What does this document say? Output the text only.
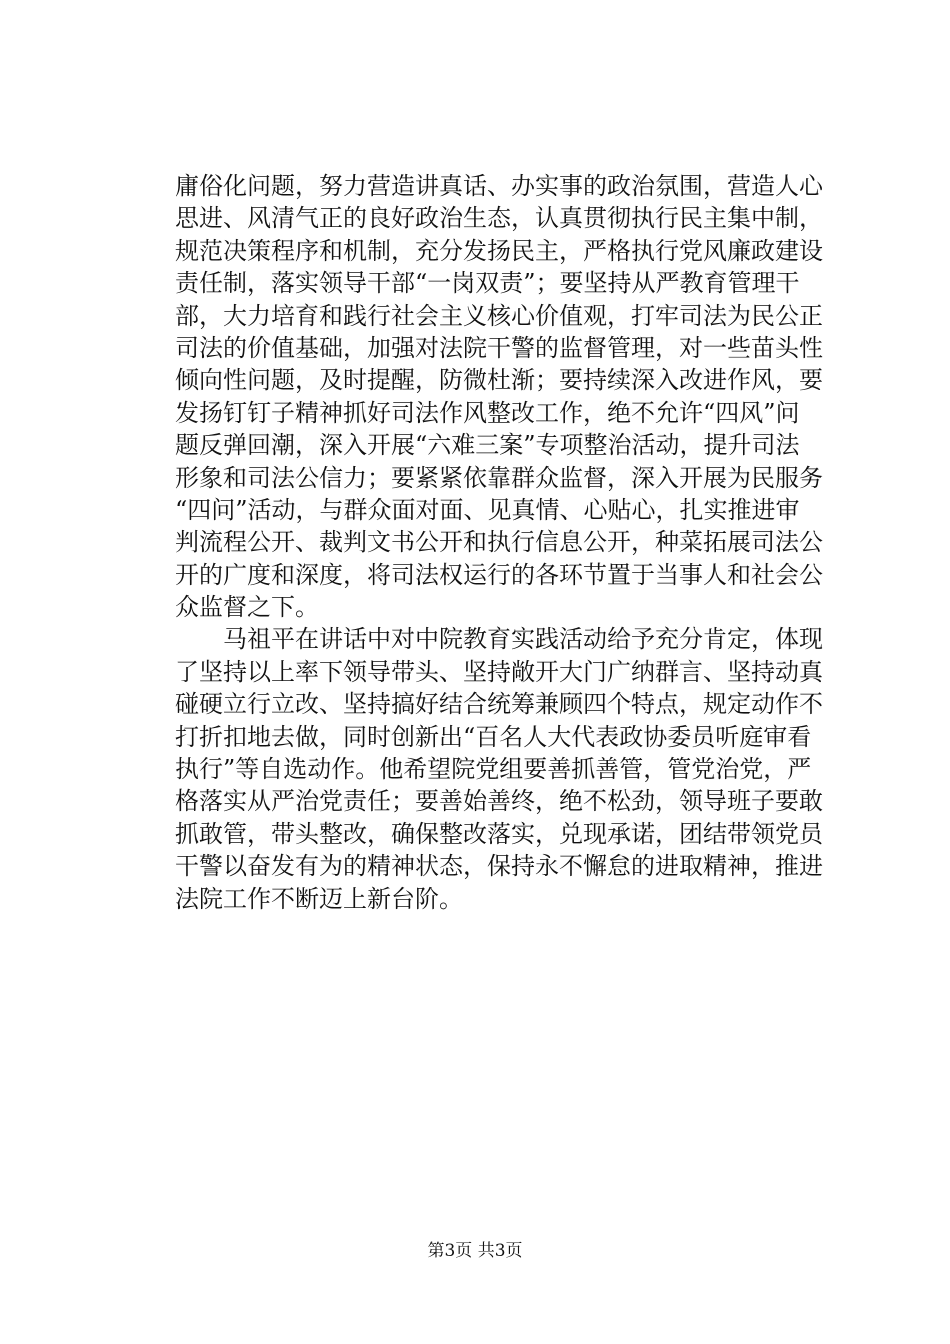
庸俗化问题，努力营造讲真话、办实事的政治氛围，营造人心
思进、风清气正的良好政治生态，认真贯彻执行民主集中制，
规范决策程序和机制，充分发扬民主，严格执行党风廉政建设
责任制，落实领导干部“一岗双责”；要坚持从严教育管理干
部，大力培育和践行社会主义核心价值观，打牢司法为民公正
司法的价值基础，加强对法院干警的监督管理，对一些苗头性
倾向性问题，及时提醒，防微杜渐；要持续深入改进作风，要
发扬钉钉子精神抓好司法作风整改工作，绝不允许“四风”问
题反弹回潮，深入开展“六难三案”专项整治活动，提升司法
形象和司法公信力；要紧紧依靠群众监督，深入开展为民服务
“四问”活动，与群众面对面、见真情、心贴心，扎实推进审
判流程公开、裁判文书公开和执行信息公开，种菜拓展司法公
开的广度和深度，将司法权运行的各环节置于当事人和社会公
众监督之下。
马祖平在讲话中对中院教育实践活动给予充分肯定，体现
了坚持以上率下领导带头、坚持敞开大门广纳群言、坚持动真
碰硬立行立改、坚持搞好结合统筹兼顾四个特点，规定动作不
打折扣地去做，同时创新出“百名人大代表政协委员听庭审看
执行”等自选动作。他希望院党组要善抓善管，管党治党，严
格落实从严治党责任；要善始善终，绝不松劲，领导班子要敢
抓敢管，带头整改，确保整改落实，兑现承诺，团结带领党员
干警以奋发有为的精神状态，保持永不懈怠的进取精神，推进
法院工作不断迈上新台阶。
第3页 共3页
